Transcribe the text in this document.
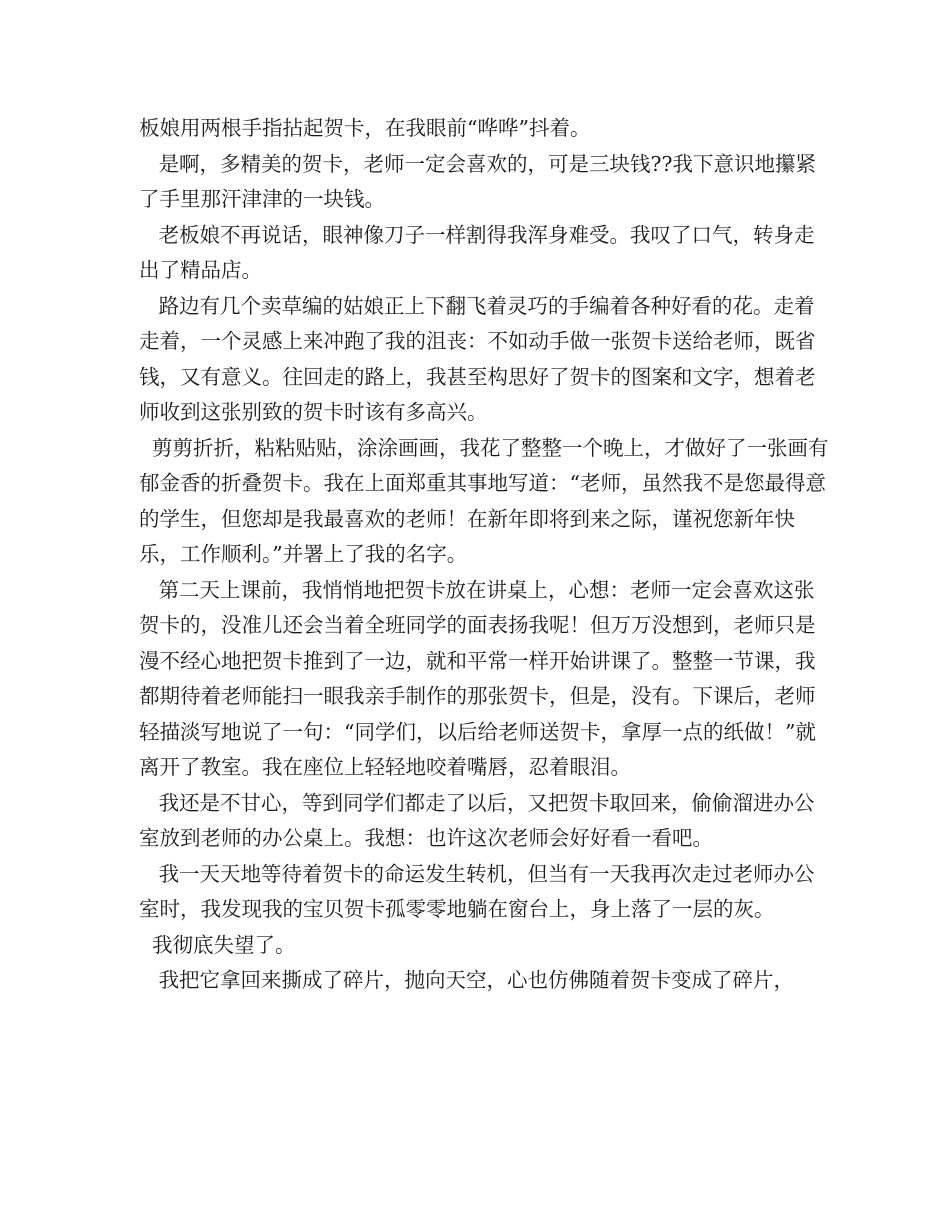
板娘用两根手指拈起贺卡，在我眼前“哗哗”抖着。

是啊，多精美的贺卡，老师一定会喜欢的，可是三块钱??我下意识地攥紧了手里那汗津津的一块钱。

老板娘不再说话，眼神像刀子一样割得我浑身难受。我叹了口气，转身走出了精品店。

路边有几个卖草编的姑娘正上下翻飞着灵巧的手编着各种好看的花。走着走着，一个灵感上来冲跑了我的沮丧：不如动手做一张贺卡送给老师，既省钱，又有意义。往回走的路上，我甚至构思好了贺卡的图案和文字，想着老师收到这张别致的贺卡时该有多高兴。

剪剪折折，粘粘贴贴，涂涂画画，我花了整整一个晚上，才做好了一张画有郁金香的折叠贺卡。我在上面郑重其事地写道：“老师，虽然我不是您最得意的学生，但您却是我最喜欢的老师！在新年即将到来之际，谨祝您新年快乐，工作顺利。”并署上了我的名字。

第二天上课前，我悄悄地把贺卡放在讲桌上，心想：老师一定会喜欢这张贺卡的，没准儿还会当着全班同学的面表扬我呢！但万万没想到，老师只是漫不经心地把贺卡推到了一边，就和平常一样开始讲课了。整整一节课，我都期待着老师能扫一眼我亲手制作的那张贺卡，但是，没有。下课后，老师轻描淡写地说了一句：“同学们，以后给老师送贺卡，拿厚一点的纸做！”就离开了教室。我在座位上轻轻地咬着嘴唇，忍着眼泪。

我还是不甘心，等到同学们都走了以后，又把贺卡取回来，偷偷溜进办公室放到老师的办公桌上。我想：也许这次老师会好好看一看吧。

我一天天地等待着贺卡的命运发生转机，但当有一天我再次走过老师办公室时，我发现我的宝贝贺卡孤零零地躺在窗台上，身上落了一层的灰。

我彻底失望了。

我把它拿回来撕成了碎片，抛向天空，心也仿佛随着贺卡变成了碎片，
